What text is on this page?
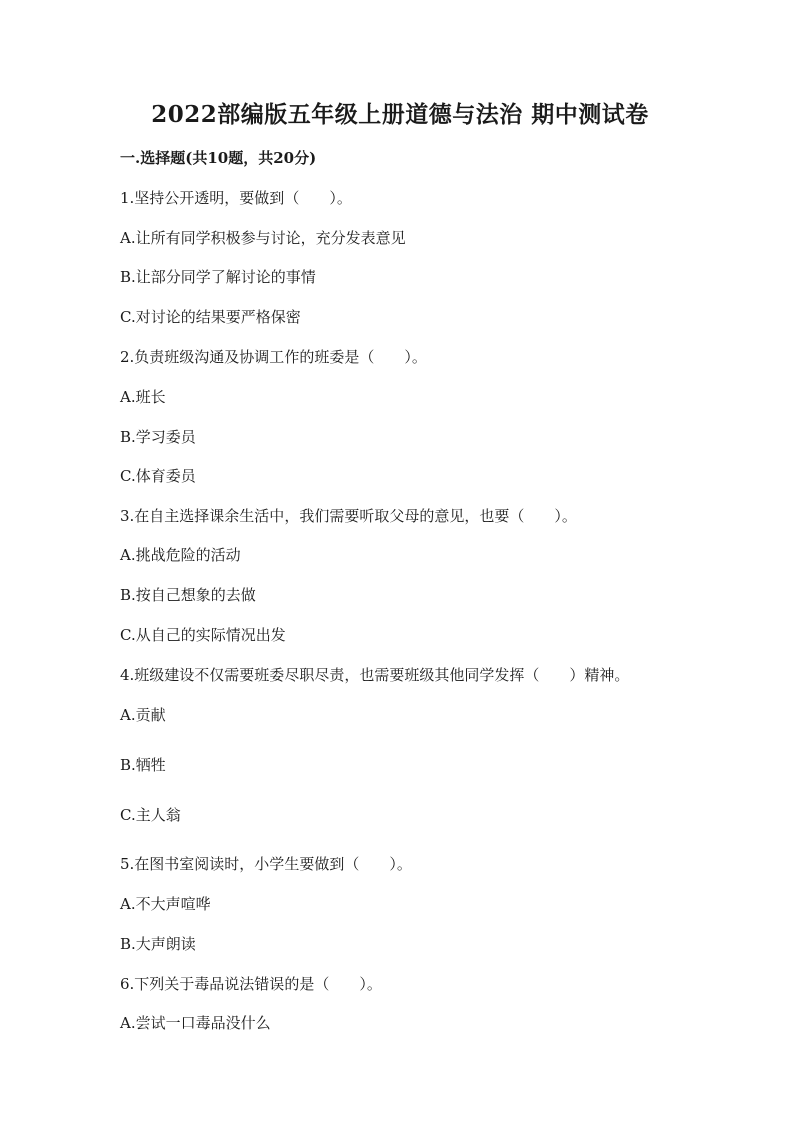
2022部编版五年级上册道德与法治 期中测试卷
一.选择题(共10题，共20分)
1.坚持公开透明，要做到（　　）。
A.让所有同学积极参与讨论，充分发表意见
B.让部分同学了解讨论的事情
C.对讨论的结果要严格保密
2.负责班级沟通及协调工作的班委是（　　）。
A.班长
B.学习委员
C.体育委员
3.在自主选择课余生活中，我们需要听取父母的意见，也要（　　）。
A.挑战危险的活动
B.按自己想象的去做
C.从自己的实际情况出发
4.班级建设不仅需要班委尽职尽责，也需要班级其他同学发挥（　　）精神。
A.贡献
B.牺牲
C.主人翁
5.在图书室阅读时，小学生要做到（　　）。
A.不大声喧哗
B.大声朗读
6.下列关于毒品说法错误的是（　　）。
A.尝试一口毒品没什么
